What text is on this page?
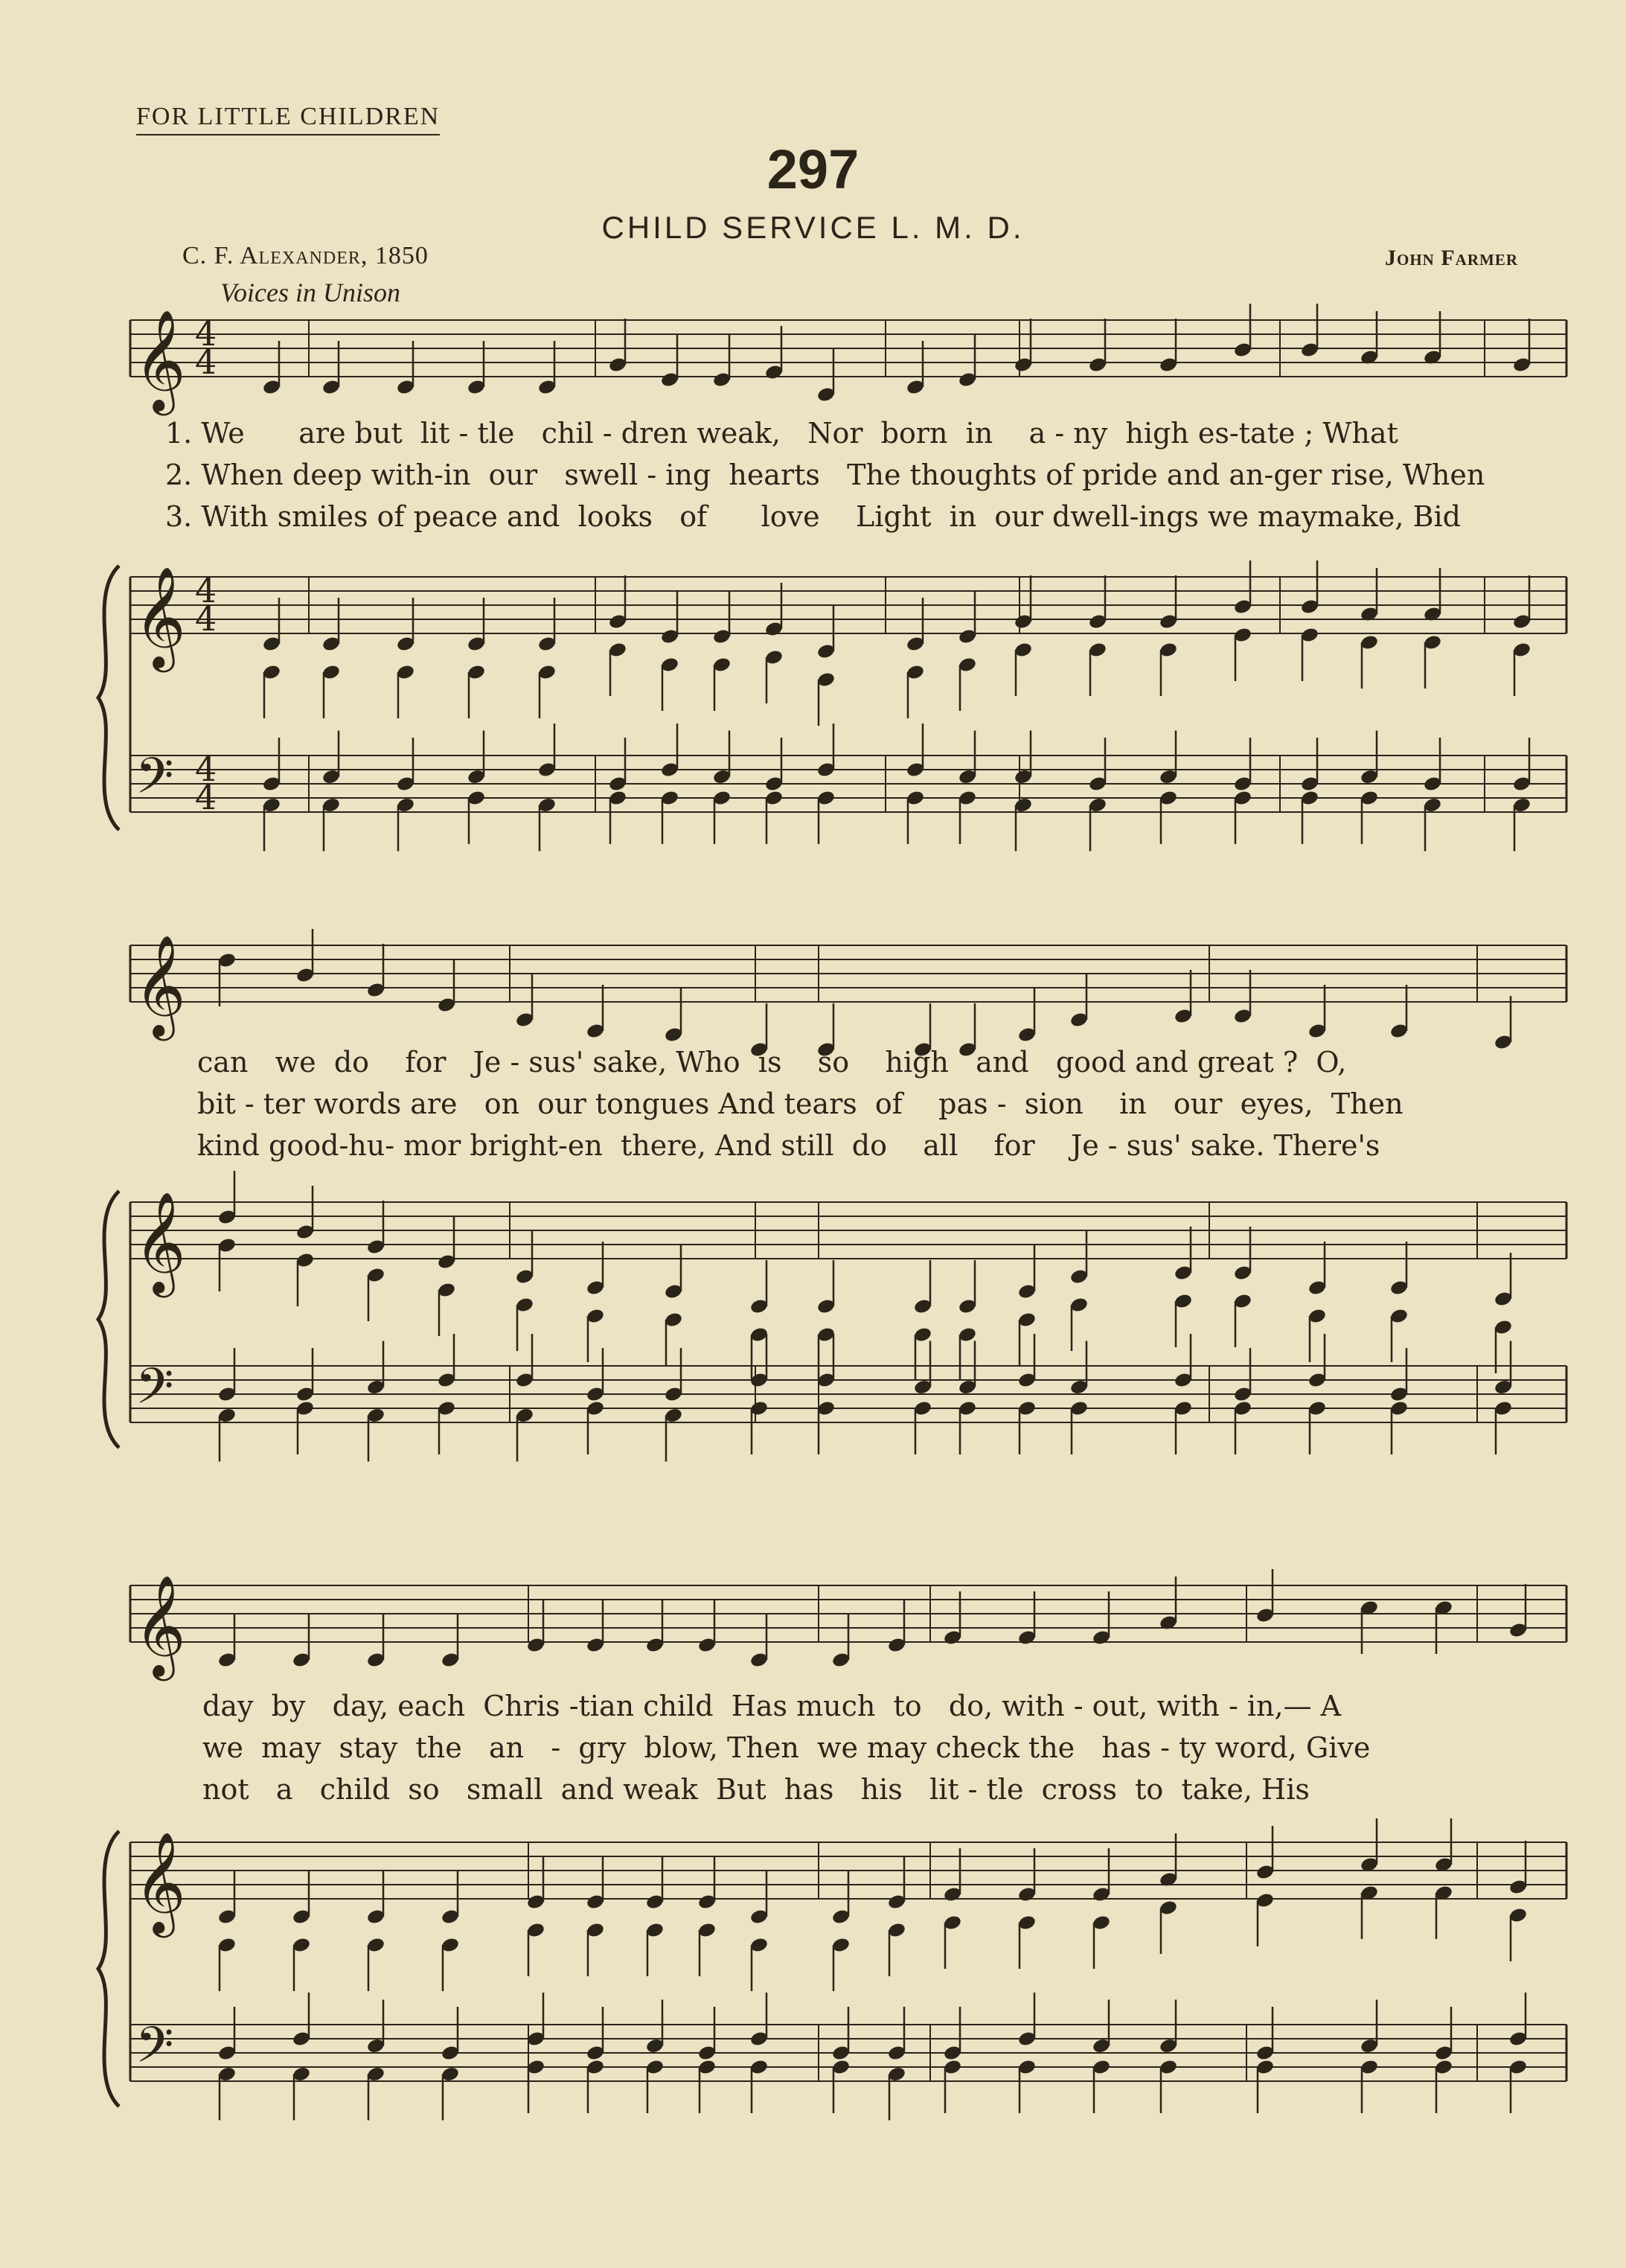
FOR LITTLE CHILDREN
297
CHILD SERVICE L. M. D.
C. F. Alexander, 1850	John Farmer
Voices in Unison
𝄞
𝄞
𝄢
𝄞
𝄞
𝄢
𝄞
𝄞
𝄢
4
4
4
4
4
4
1. We      are but  lit - tle   chil - dren weak,   Nor  born  in    a - ny  high es-tate ; What
2. When deep with-in  our   swell - ing  hearts   The thoughts of pride and an-ger rise, When
3. With smiles of peace and  looks   of      love    Light  in  our dwell-ings we maymake, Bid
can   we  do    for   Je - sus' sake, Who  is    so    high   and   good and great ?  O,
bit - ter words are   on  our tongues And tears  of    pas -  sion    in   our  eyes,  Then
kind good-hu- mor bright-en  there, And still  do    all    for    Je - sus' sake. There's
day  by   day, each  Chris -tian child  Has much  to   do, with - out, with - in,— A
we  may  stay  the   an   -  gry  blow, Then  we may check the   has - ty word, Give
not   a   child  so   small  and weak  But  has   his   lit - tle  cross  to  take, His
